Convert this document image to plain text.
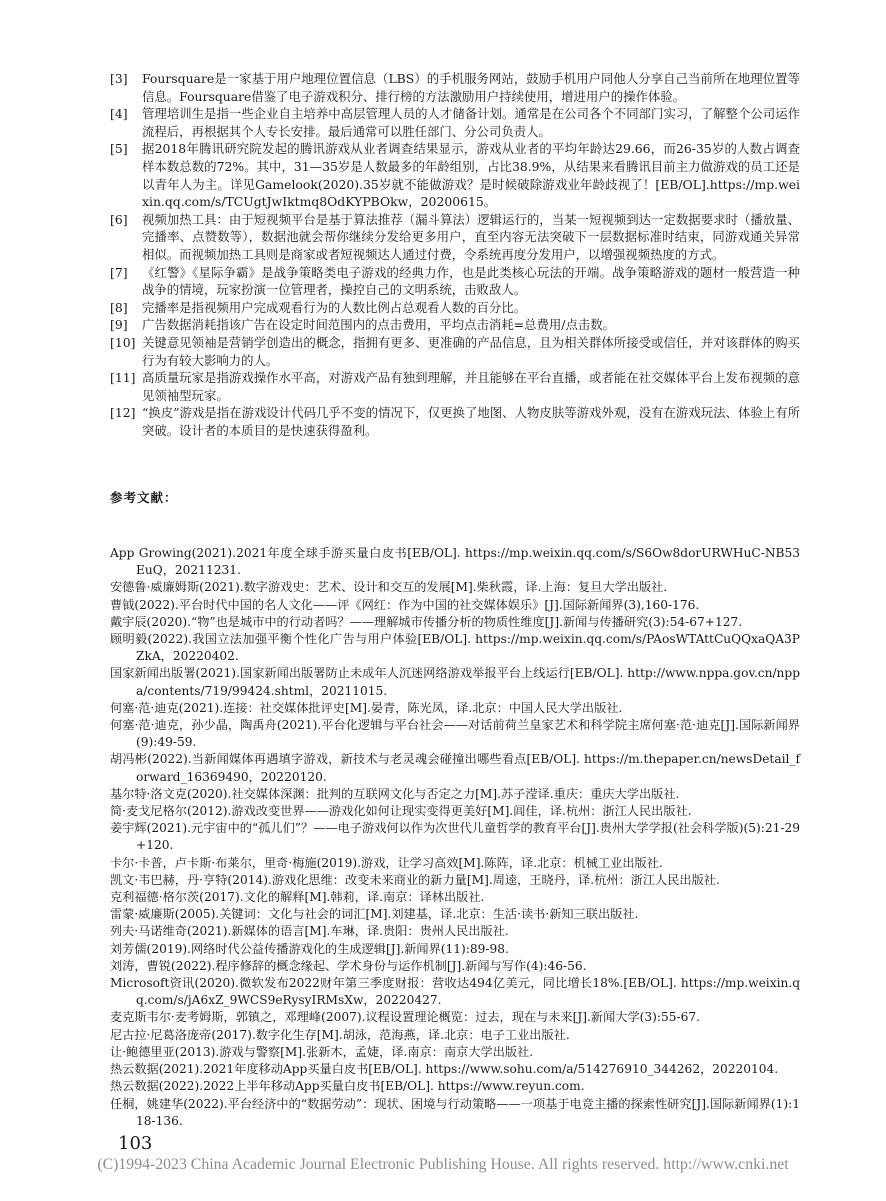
[3]	Foursquare是一家基于用户地理位置信息（LBS）的手机服务网站，鼓励手机用户同他人分享自己当前所在地理位置等信息。Foursquare借鉴了电子游戏积分、排行榜的方法激励用户持续使用，增进用户的操作体验。
[4]	管理培训生是指一些企业自主培养中高层管理人员的人才储备计划。通常是在公司各个不同部门实习，了解整个公司运作流程后，再根据其个人专长安排。最后通常可以胜任部门、分公司负责人。
[5]	据2018年腾讯研究院发起的腾讯游戏从业者调查结果显示，游戏从业者的平均年龄达29.66，而26-35岁的人数占调查样本数总数的72%。其中，31—35岁是人数最多的年龄组别，占比38.9%，从结果来看腾讯目前主力做游戏的员工还是以青年人为主。详见Gamelook(2020).35岁就不能做游戏？是时候破除游戏业年龄歧视了！[EB/OL].https://mp.weixin.qq.com/s/TCUgtJwIktmq8OdKYPBOkw，20200615。
[6]	视频加热工具：由于短视频平台是基于算法推荐（漏斗算法）逻辑运行的，当某一短视频到达一定数据要求时（播放量、完播率、点赞数等），数据池就会帮你继续分发给更多用户，直至内容无法突破下一层数据标准时结束，同游戏通关异常相似。而视频加热工具则是商家或者短视频达人通过付费，令系统再度分发用户，以增强视频热度的方式。
[7]	《红警》《星际争霸》是战争策略类电子游戏的经典力作，也是此类核心玩法的开端。战争策略游戏的题材一般营造一种战争的情境，玩家扮演一位管理者，操控自己的文明系统，击败敌人。
[8]	完播率是指视频用户完成观看行为的人数比例占总观看人数的百分比。
[9]	广告数据消耗指该广告在设定时间范围内的点击费用，平均点击消耗=总费用/点击数。
[10] 关键意见领袖是营销学创造出的概念，指拥有更多、更准确的产品信息，且为相关群体所接受或信任，并对该群体的购买行为有较大影响力的人。
[11] 高质量玩家是指游戏操作水平高，对游戏产品有独到理解，并且能够在平台直播，或者能在社交媒体平台上发布视频的意见领袖型玩家。
[12] “换皮”游戏是指在游戏设计代码几乎不变的情况下，仅更换了地图、人物皮肤等游戏外观，没有在游戏玩法、体验上有所突破。设计者的本质目的是快速获得盈利。
参考文献：
App Growing(2021).2021年度全球手游买量白皮书[EB/OL]. https://mp.weixin.qq.com/s/S6Ow8dorURWHuC-NB53EuQ，20211231.
安德鲁·威廉姆斯(2021).数字游戏史：艺术、设计和交互的发展[M].柴秋霞，译.上海：复旦大学出版社.
曹钺(2022).平台时代中国的名人文化——评《网红：作为中国的社交媒体娱乐》[J].国际新闻界(3),160-176.
戴宇辰(2020).“物”也是城市中的行动者吗？——理解城市传播分析的物质性维度[J].新闻与传播研究(3):54-67+127.
顾明毅(2022).我国立法加强平衡个性化广告与用户体验[EB/OL]. https://mp.weixin.qq.com/s/PAosWTAttCuQQxaQA3PZkA，20220402.
国家新闻出版署(2021).国家新闻出版署防止未成年人沉迷网络游戏举报平台上线运行[EB/OL]. http://www.nppa.gov.cn/nppa/contents/719/99424.shtml，20211015.
何塞·范·迪克(2021).连接：社交媒体批评史[M].晏青，陈光凤，译.北京：中国人民大学出版社.
何塞·范·迪克，孙少晶，陶禹舟(2021).平台化逻辑与平台社会——对话前荷兰皇家艺术和科学院主席何塞·范·迪克[J].国际新闻界(9):49-59.
胡冯彬(2022).当新闻媒体再遇填字游戏，新技术与老灵魂会碰撞出哪些看点[EB/OL]. https://m.thepaper.cn/newsDetail_forward_16369490，20220120.
基尔特·洛文克(2020).社交媒体深渊：批判的互联网文化与否定之力[M].苏子滢译.重庆：重庆大学出版社.
简·麦戈尼格尔(2012).游戏改变世界——游戏化如何让现实变得更美好[M].闾佳，译.杭州：浙江人民出版社.
姜宇辉(2021).元宇宙中的“孤儿们”？——电子游戏何以作为次世代儿童哲学的教育平台[J].贵州大学学报(社会科学版)(5):21-29+120.
卡尔·卡普，卢卡斯·布莱尔，里奇·梅施(2019).游戏，让学习高效[M].陈阵，译.北京：机械工业出版社.
凯文·韦巴赫，丹·亨特(2014).游戏化思维：改变未来商业的新力量[M].周逵，王晓丹，译.杭州：浙江人民出版社.
克利福德·格尔茨(2017).文化的解释[M].韩莉，译.南京：译林出版社.
雷蒙·威廉斯(2005).关键词：文化与社会的词汇[M].刘建基，译.北京：生活·读书·新知三联出版社.
列夫·马诺维奇(2021).新媒体的语言[M].车琳，译.贵阳：贵州人民出版社.
刘芳儒(2019).网络时代公益传播游戏化的生成逻辑[J].新闻界(11):89-98.
刘涛，曹锐(2022).程序修辞的概念缘起、学术身份与运作机制[J].新闻与写作(4):46-56.
Microsoft资讯(2020).微软发布2022财年第三季度财报：营收达494亿美元，同比增长18%.[EB/OL]. https://mp.weixin.qq.com/s/jA6xZ_9WCS9eRysyIRMsXw，20220427.
麦克斯韦尔·麦考姆斯，郭镇之，邓理峰(2007).议程设置理论概览：过去，现在与未来[J].新闻大学(3):55-67.
尼古拉·尼葛洛庞帝(2017).数字化生存[M].胡泳，范海燕，译.北京：电子工业出版社.
让·鲍德里亚(2013).游戏与警察[M].张新木，孟婕，译.南京：南京大学出版社.
热云数据(2021).2021年度移动App买量白皮书[EB/OL]. https://www.sohu.com/a/514276910_344262，20220104.
热云数据(2022).2022上半年移动App买量白皮书[EB/OL]. https://www.reyun.com.
任桐，姚建华(2022).平台经济中的“数据劳动”：现状、困境与行动策略——一项基于电竞主播的探索性研究[J].国际新闻界(1):118-136.
103
(C)1994-2023 China Academic Journal Electronic Publishing House. All rights reserved. http://www.cnki.net
